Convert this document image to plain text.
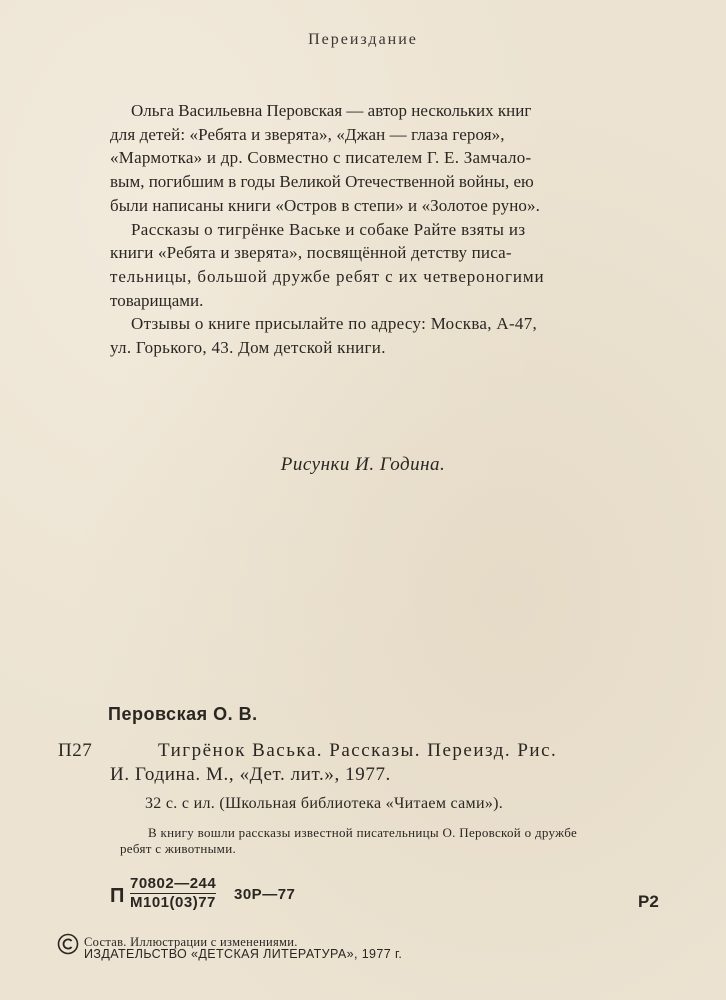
Переиздание
Ольга Васильевна Перовская — автор нескольких книг
для детей: «Ребята и зверята», «Джан — глаза героя»,
«Мармотка» и др. Совместно с писателем Г. Е. Замчало-
вым, погибшим в годы Великой Отечественной войны, ею
были написаны книги «Остров в степи» и «Золотое руно».
Рассказы о тигрёнке Ваське и собаке Райте взяты из
книги «Ребята и зверята», посвящённой детству писа-
тельницы, большой дружбе ребят с их четвероногими
товарищами.
Отзывы о книге присылайте по адресу: Москва, А-47,
ул. Горького, 43. Дом детской книги.
Рисунки И. Година.
Перовская О. В.
П27	Тигрёнок Васька. Рассказы. Переизд. Рис.
И. Година. М., «Дет. лит.», 1977.
32 с. с ил. (Школьная библиотека «Читаем сами»).
В книгу вошли рассказы известной писательницы О. Перовской о дружбе
ребят с животными.
П
70802—244
М101(03)77 30Р—77	Р2
Состав. Иллюстрации с изменениями.
ИЗДАТЕЛЬСТВО «ДЕТСКАЯ ЛИТЕРАТУРА», 1977 г.
